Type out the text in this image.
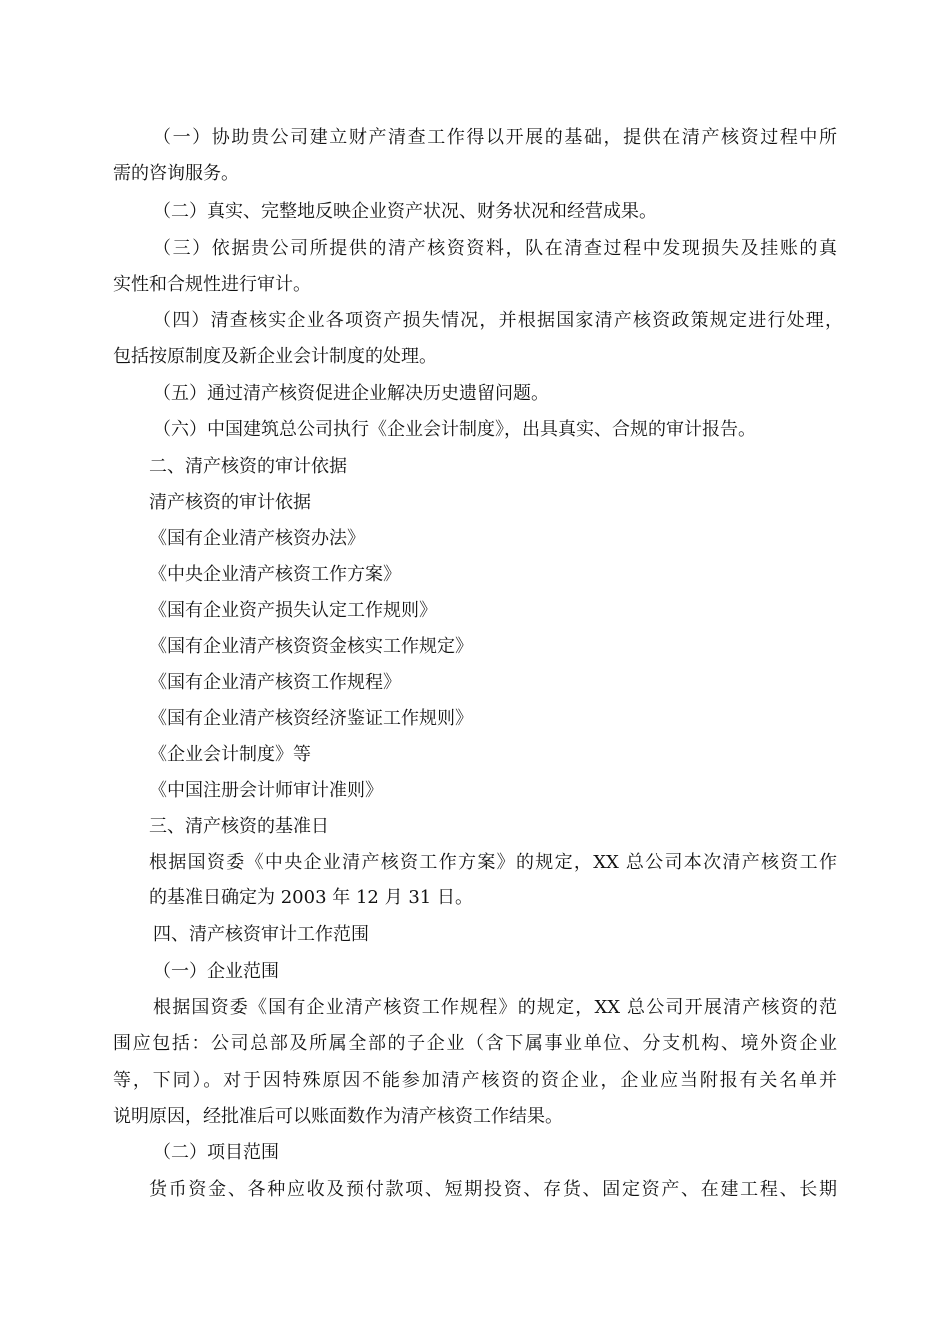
（一）协助贵公司建立财产清查工作得以开展的基础，提供在清产核资过程中所
需的咨询服务。
（二）真实、完整地反映企业资产状况、财务状况和经营成果。
（三）依据贵公司所提供的清产核资资料，队在清查过程中发现损失及挂账的真
实性和合规性进行审计。
（四）清查核实企业各项资产损失情况，并根据国家清产核资政策规定进行处理，
包括按原制度及新企业会计制度的处理。
（五）通过清产核资促进企业解决历史遗留问题。
（六）中国建筑总公司执行《企业会计制度》，出具真实、合规的审计报告。
二、清产核资的审计依据
清产核资的审计依据
《国有企业清产核资办法》
《中央企业清产核资工作方案》
《国有企业资产损失认定工作规则》
《国有企业清产核资资金核实工作规定》
《国有企业清产核资工作规程》
《国有企业清产核资经济鉴证工作规则》
《企业会计制度》等
《中国注册会计师审计准则》
三、清产核资的基准日
根据国资委《中央企业清产核资工作方案》的规定，XX 总公司本次清产核资工作
的基准日确定为 2003 年 12 月 31 日。
四、清产核资审计工作范围
（一）企业范围
根据国资委《国有企业清产核资工作规程》的规定，XX 总公司开展清产核资的范
围应包括：公司总部及所属全部的子企业（含下属事业单位、分支机构、境外资企业
等，下同）。对于因特殊原因不能参加清产核资的资企业，企业应当附报有关名单并
说明原因，经批准后可以账面数作为清产核资工作结果。
（二）项目范围
货币资金、各种应收及预付款项、短期投资、存货、固定资产、在建工程、长期
